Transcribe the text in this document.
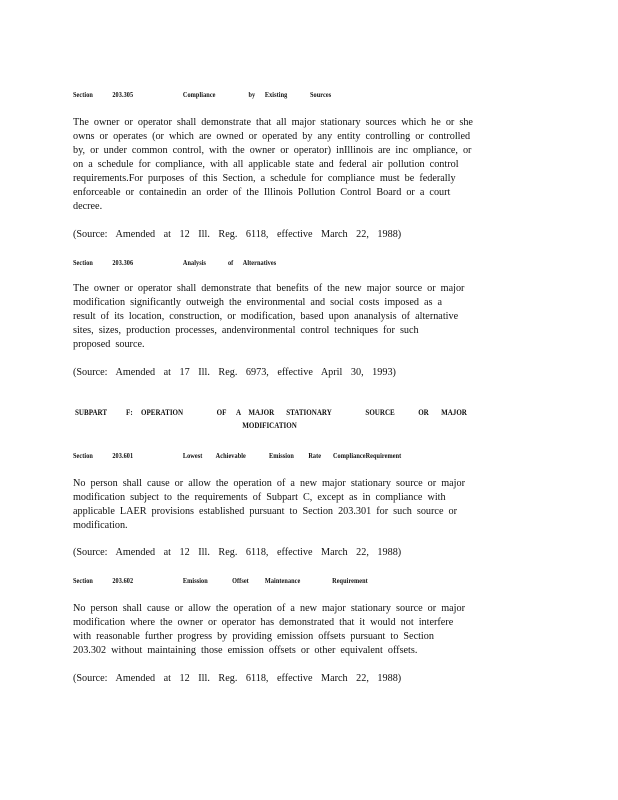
Section	203.305	Compliance	by Existing	Sources
The owner or operator shall demonstrate that all major stationary sources which he or she
owns or operates (or which are owned or operated by any entity controlling or controlled
by, or under common control, with the owner or operator) inIllinois are inc ompliance, or
on a schedule for compliance, with all applicable state and federal air pollution control
requirements.For purposes of this Section, a schedule for compliance must be federally
enforceable or containedin an order of the Illinois Pollution Control Board or a court
decree.
(Source: Amended at 12 Ill. Reg. 6118, effective March 22, 1988)
Section	203.306	Analysis	of Alternatives
The owner or operator shall demonstrate that benefits of the new major source or major
modification significantly outweigh the environmental and social costs imposed as a
result of its location, construction, or modification, based upon ananalysis of alternative
sites, sizes, production processes, andenvironmental control techniques for such
proposed source.
(Source: Amended at 17 Ill. Reg. 6973, effective April 30, 1993)
SUBPART F: OPERATION	OF A MAJOR STATIONARY	SOURCE	OR MAJOR
MODIFICATION
Section	203.601	Lowest Achievable	Emission Rate ComplianceRequirement
No person shall cause or allow the operation of a new major stationary source or major
modification subject to the requirements of Subpart C, except as in compliance with
applicable LAER provisions established pursuant to Section 203.301 for such source or
modification.
(Source: Amended at 12 Ill. Reg. 6118, effective March 22, 1988)
Section	203.602	Emission	Offset Maintenance	Requirement
No person shall cause or allow the operation of a new major stationary source or major
modification where the owner or operator has demonstrated that it would not interfere
with reasonable further progress by providing emission offsets pursuant to Section
203.302 without maintaining those emission offsets or other equivalent offsets.
(Source: Amended at 12 Ill. Reg. 6118, effective March 22, 1988)
